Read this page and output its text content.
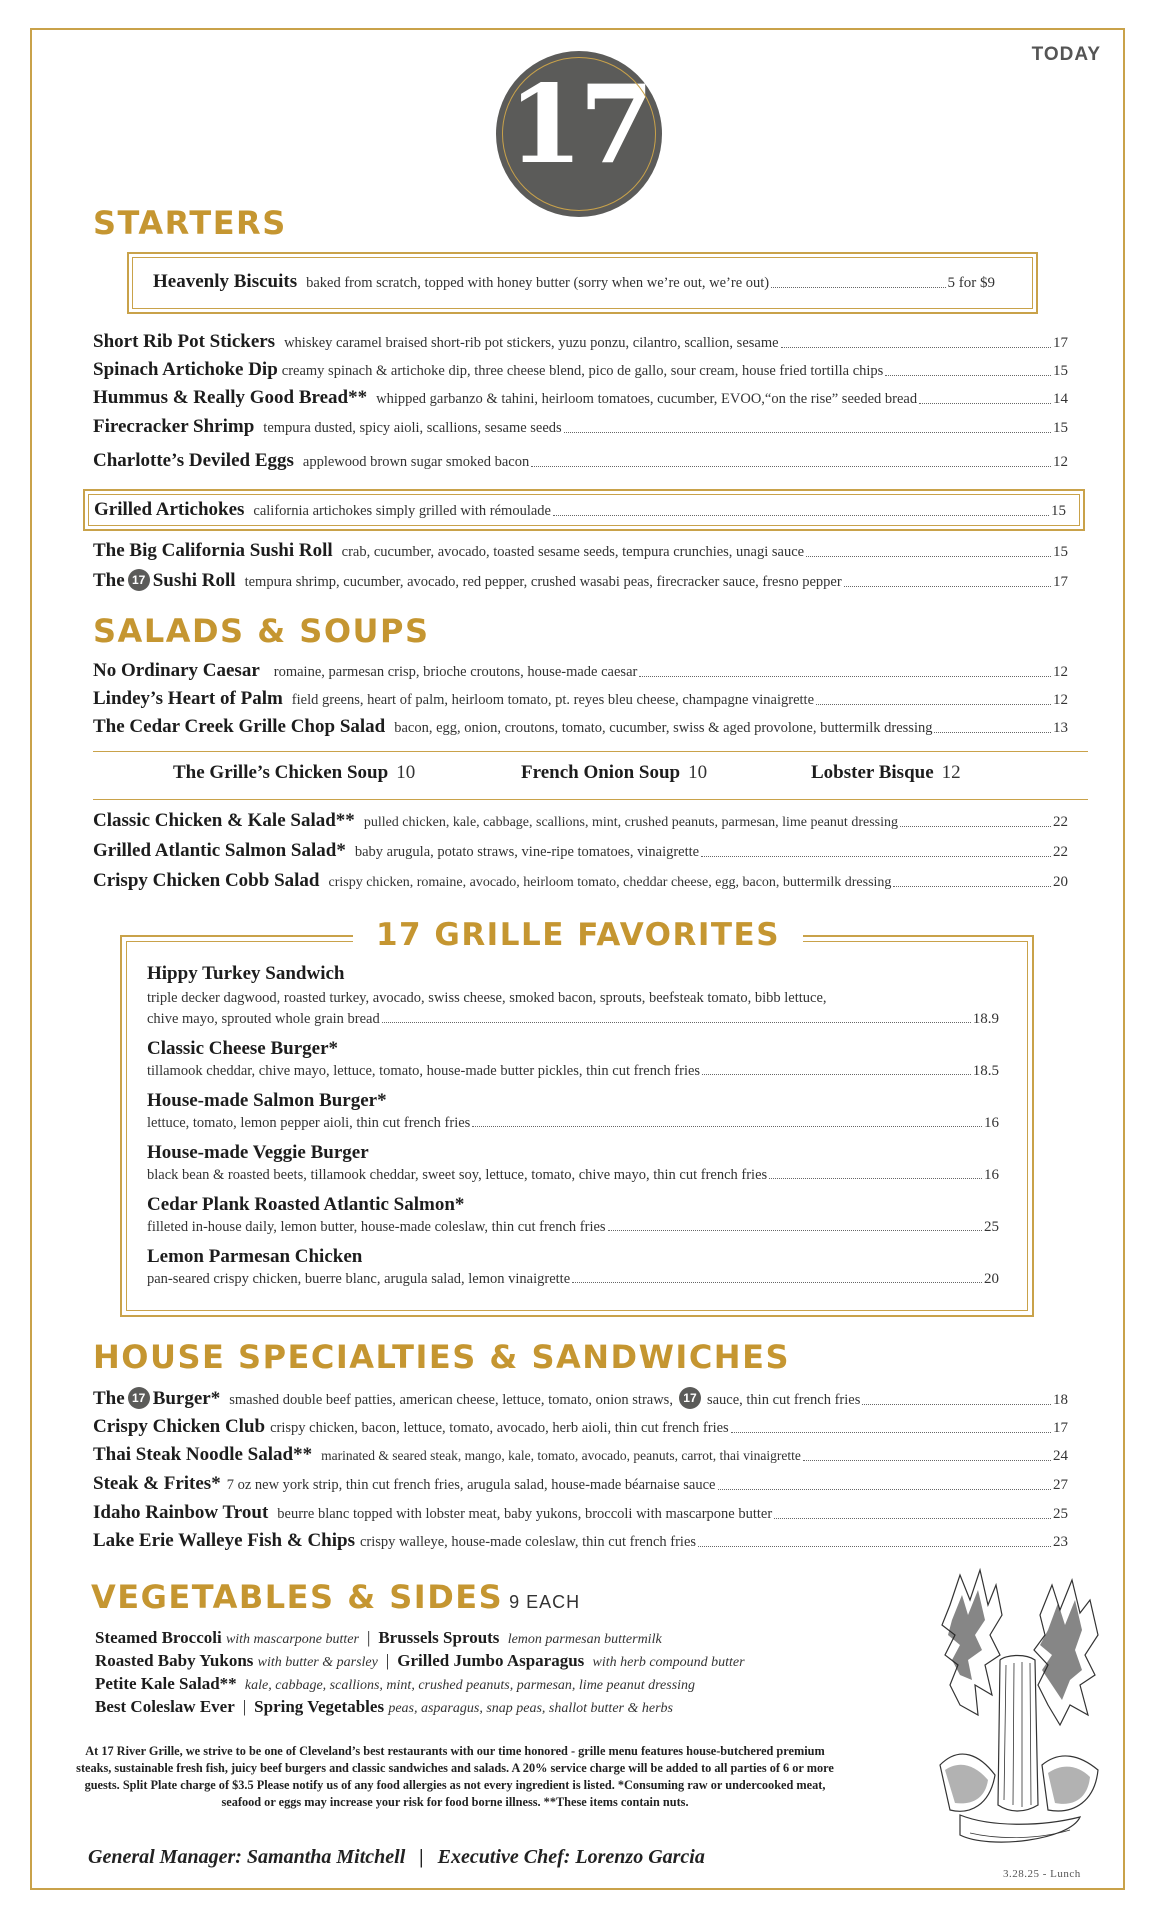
TODAY
17
STARTERS
Heavenly Biscuits baked from scratch, topped with honey butter (sorry when we’re out, we’re out)	5 for $9
Short Rib Pot Stickers whiskey caramel braised short-rib pot stickers, yuzu ponzu, cilantro, scallion, sesame	17
Spinach Artichoke Dip creamy spinach & artichoke dip, three cheese blend, pico de gallo, sour cream, house fried tortilla chips	15
Hummus & Really Good Bread** whipped garbanzo & tahini, heirloom tomatoes, cucumber, EVOO,“on the rise” seeded bread	14
Firecracker Shrimp tempura dusted, spicy aioli, scallions, sesame seeds	15
Charlotte’s Deviled Eggs applewood brown sugar smoked bacon	12
Grilled Artichokes california artichokes simply grilled with rémoulade	15
The Big California Sushi Roll crab, cucumber, avocado, toasted sesame seeds, tempura crunchies, unagi sauce	15
The 17 Sushi Roll tempura shrimp, cucumber, avocado, red pepper, crushed wasabi peas, firecracker sauce, fresno pepper	17
SALADS & SOUPS
No Ordinary Caesar romaine, parmesan crisp, brioche croutons, house-made caesar	12
Lindey’s Heart of Palm field greens, heart of palm, heirloom tomato, pt. reyes bleu cheese, champagne vinaigrette	12
The Cedar Creek Grille Chop Salad bacon, egg, onion, croutons, tomato, cucumber, swiss & aged provolone, buttermilk dressing	13
The Grille’s Chicken Soup 10	French Onion Soup 10	Lobster Bisque 12
Classic Chicken & Kale Salad** pulled chicken, kale, cabbage, scallions, mint, crushed peanuts, parmesan, lime peanut dressing	22
Grilled Atlantic Salmon Salad* baby arugula, potato straws, vine-ripe tomatoes, vinaigrette	22
Crispy Chicken Cobb Salad crispy chicken, romaine, avocado, heirloom tomato, cheddar cheese, egg, bacon, buttermilk dressing	20
17 GRILLE FAVORITES
Hippy Turkey Sandwich
triple decker dagwood, roasted turkey, avocado, swiss cheese, smoked bacon, sprouts, beefsteak tomato, bibb lettuce,
chive mayo, sprouted whole grain bread	18.9
Classic Cheese Burger*
tillamook cheddar, chive mayo, lettuce, tomato, house-made butter pickles, thin cut french fries	18.5
House-made Salmon Burger*
lettuce, tomato, lemon pepper aioli, thin cut french fries	16
House-made Veggie Burger
black bean & roasted beets, tillamook cheddar, sweet soy, lettuce, tomato, chive mayo, thin cut french fries	16
Cedar Plank Roasted Atlantic Salmon*
filleted in-house daily, lemon butter, house-made coleslaw, thin cut french fries	25
Lemon Parmesan Chicken
pan-seared crispy chicken, buerre blanc, arugula salad, lemon vinaigrette	20
HOUSE SPECIALTIES & SANDWICHES
The 17 Burger* smashed double beef patties, american cheese, lettuce, tomato, onion straws, 17 sauce, thin cut french fries	18
Crispy Chicken Club crispy chicken, bacon, lettuce, tomato, avocado, herb aioli, thin cut french fries	17
Thai Steak Noodle Salad** marinated & seared steak, mango, kale, tomato, avocado, peanuts, carrot, thai vinaigrette	24
Steak & Frites* 7 oz new york strip, thin cut french fries, arugula salad, house-made béarnaise sauce	27
Idaho Rainbow Trout beurre blanc topped with lobster meat, baby yukons, broccoli with mascarpone butter	25
Lake Erie Walleye Fish & Chips crispy walleye, house-made coleslaw, thin cut french fries	23
VEGETABLES & SIDES 9 EACH
Steamed Broccoli with mascarpone butter | Brussels Sprouts lemon parmesan buttermilk
Roasted Baby Yukons with butter & parsley | Grilled Jumbo Asparagus with herb compound butter
Petite Kale Salad** kale, cabbage, scallions, mint, crushed peanuts, parmesan, lime peanut dressing
Best Coleslaw Ever | Spring Vegetables peas, asparagus, snap peas, shallot butter & herbs
At 17 River Grille, we strive to be one of Cleveland’s best restaurants with our time honored - grille menu features house-butchered premium steaks, sustainable fresh fish, juicy beef burgers and classic sandwiches and salads. A 20% service charge will be added to all parties of 6 or more guests. Split Plate charge of $3.5 Please notify us of any food allergies as not every ingredient is listed. *Consuming raw or undercooked meat, seafood or eggs may increase your risk for food borne illness. **These items contain nuts.
General Manager: Samantha Mitchell | Executive Chef: Lorenzo Garcia
3.28.25 - Lunch
